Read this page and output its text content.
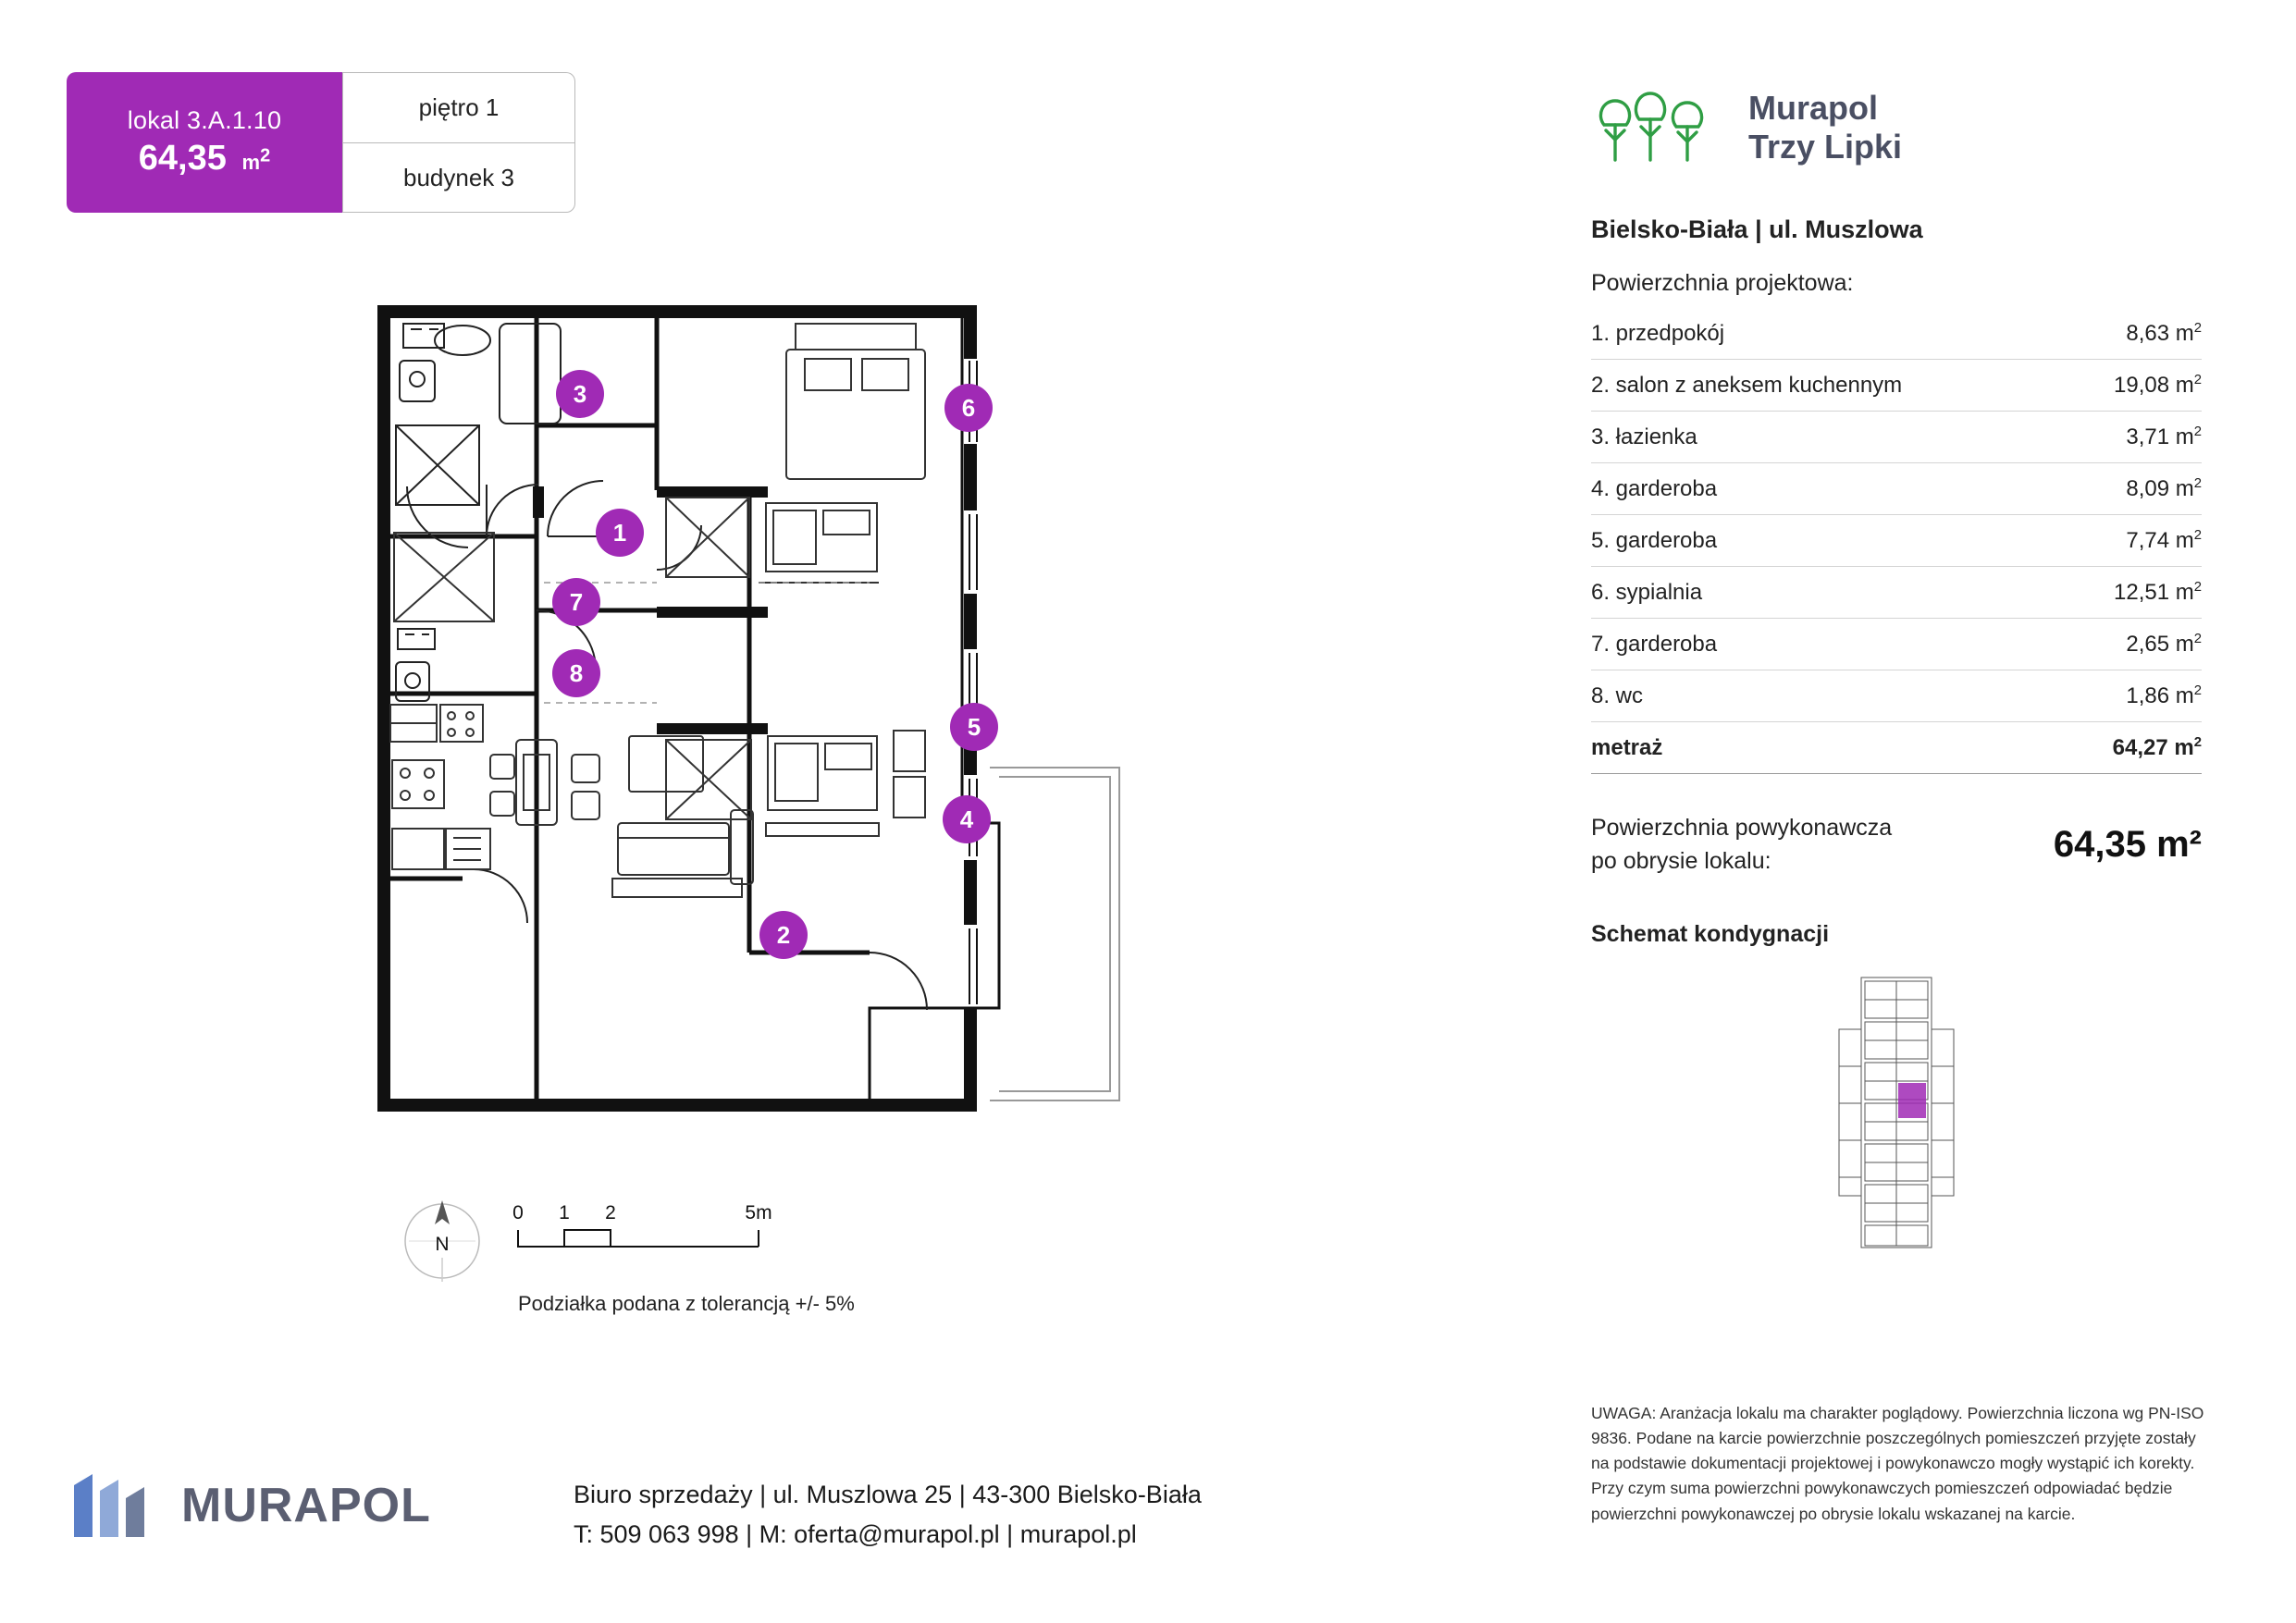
lokal 3.A.1.10
64,35  $m^2$
piętro 1
budynek 3
1
2
3
4
5
6
7
8
N
0 1 2	5m
Podziałka podana z tolerancją +/- 5%
Murapol
Trzy Lipki
Bielsko-Biała | ul. Muszlowa
Powierzchnia projektowa:
1. przedpokój	8,63 $m^2$
2. salon z aneksem kuchennym	19,08 $m^2$
3. łazienka	3,71 $m^2$
4. garderoba	8,09 $m^2$
5. garderoba	7,74 $m^2$
6. sypialnia	12,51 $m^2$
7. garderoba	2,65 $m^2$
8. wc	1,86 $m^2$
metraż	64,27 $m^2$
Powierzchnia powykonawcza
po obrysie lokalu:	64,35 m²
Schemat kondygnacji
UWAGA: Aranżacja lokalu ma charakter poglądowy. Powierzchnia liczona wg PN-ISO 9836. Podane na karcie powierzchnie poszczególnych pomieszczeń przyjęte zostały na podstawie dokumentacji projektowej i powykonawczo mogły wystąpić ich korekty. Przy czym suma powierzchni powykonawczych pomieszczeń odpowiadać będzie powierzchni powykonawczej po obrysie lokalu wskazanej na karcie.
MURAPOL	Biuro sprzedaży | ul. Muszlowa 25 | 43-300 Bielsko-Biała
T: 509 063 998 | M: oferta@murapol.pl | murapol.pl
